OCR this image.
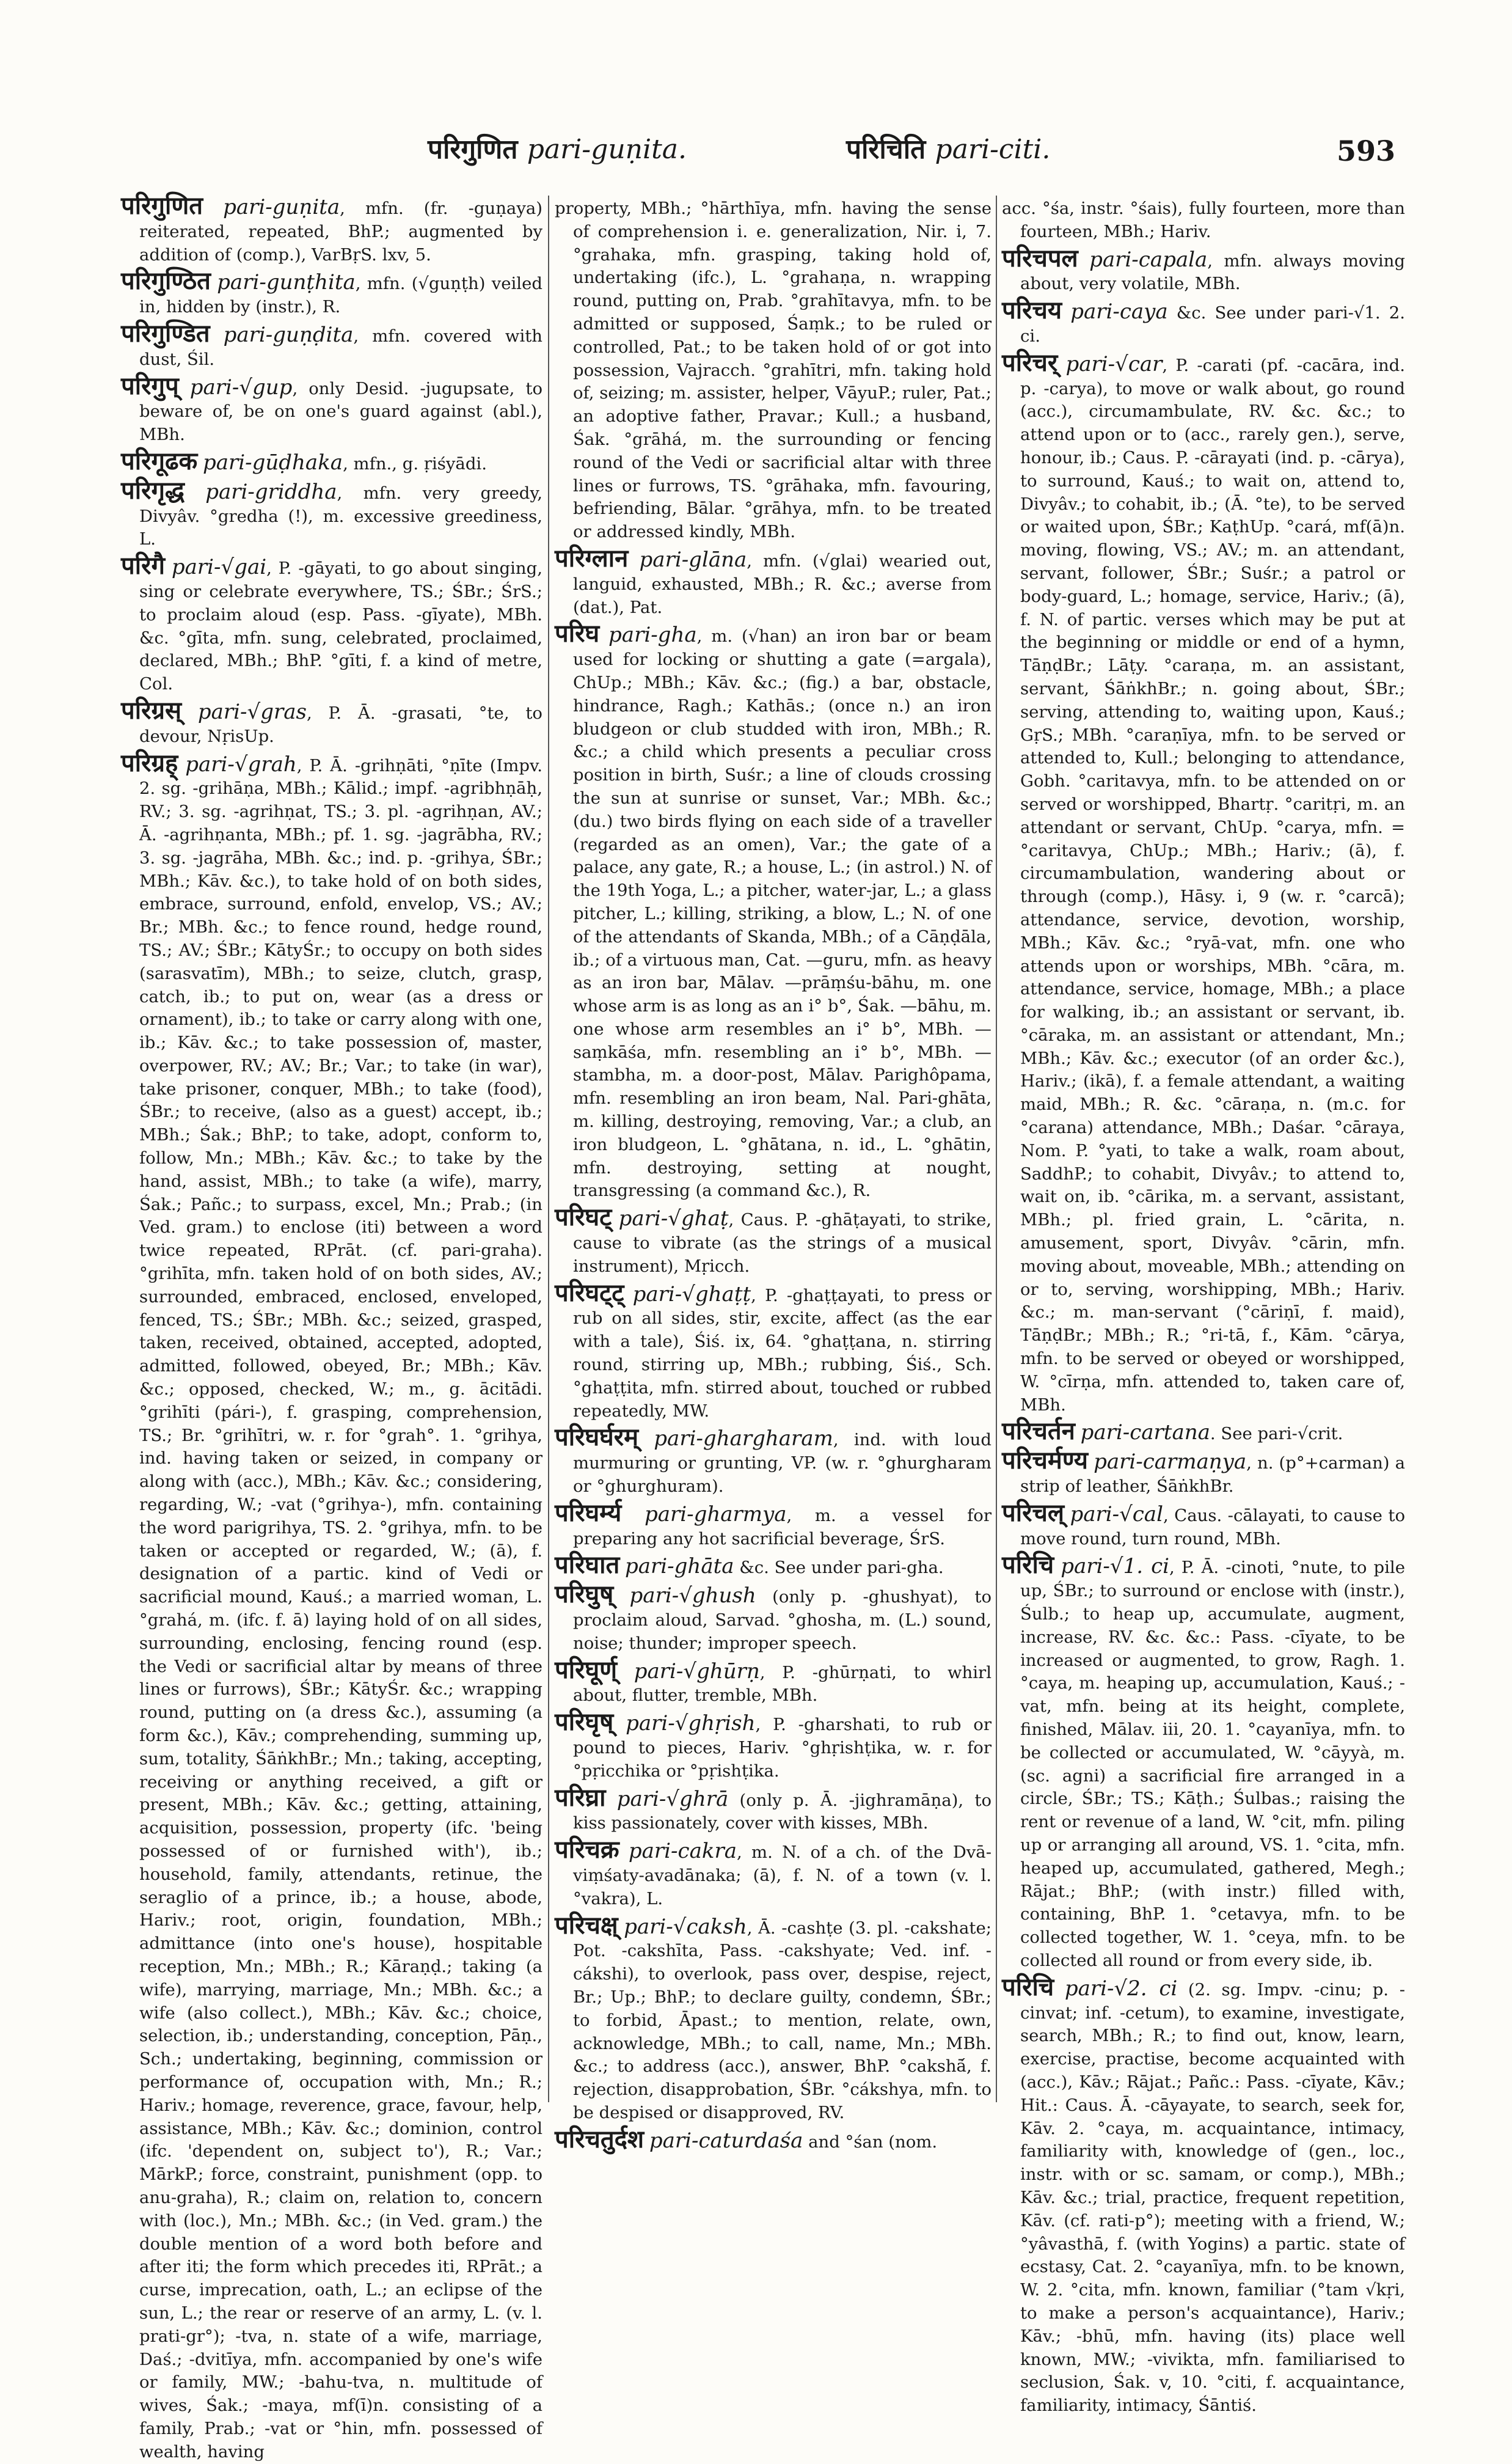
परिगुणित pari-guṇita.	परिचिति pari-citi.	593

परिगुणित pari-guṇita, mfn. (fr. -guṇaya) reiterated, repeated, BhP.; augmented by addition of (comp.), VarBṛS. lxv, 5.

परिगुण्ठित pari-gunṭhita, mfn. (√guṇṭh) veiled in, hidden by (instr.), R.

परिगुण्डित pari-guṇḍita, mfn. covered with dust, Śil.

परिगुप् pari-√gup, only Desid. -jugupsate, to beware of, be on one's guard against (abl.), MBh.

परिगूढक pari-gūḍhaka, mfn., g. ṛiśyādi.

परिगृद्ध pari-griddha, mfn. very greedy, Divyâv. °gredha (!), m. excessive greediness, L.

परिगै pari-√gai, P. -gāyati, to go about singing, sing or celebrate everywhere, TS.; ŚBr.; ŚrS.; to proclaim aloud (esp. Pass. -gīyate), MBh. &c. °gīta, mfn. sung, celebrated, proclaimed, declared, MBh.; BhP. °gīti, f. a kind of metre, Col.

परिग्रस् pari-√gras, P. Ā. -grasati, °te, to devour, NṛisUp.

परिग्रह् pari-√grah, P. Ā. -grihṇāti, °ṇīte (Impv. 2. sg. -grihāṇa, MBh.; Kālid.; impf. -agribhṇāḥ, RV.; 3. sg. -agrihṇat, TS.; 3. pl. -agrihṇan, AV.; Ā. -agrihṇanta, MBh.; pf. 1. sg. -jagrābha, RV.; 3. sg. -jagrāha, MBh. &c.; ind. p. -grihya, ŚBr.; MBh.; Kāv. &c.), to take hold of on both sides, embrace, surround, enfold, envelop, VS.; AV.; Br.; MBh. &c.; to fence round, hedge round, TS.; AV.; ŚBr.; KātyŚr.; to occupy on both sides (sarasvatīm), MBh.; to seize, clutch, grasp, catch, ib.; to put on, wear (as a dress or ornament), ib.; to take or carry along with one, ib.; Kāv. &c.; to take possession of, master, overpower, RV.; AV.; Br.; Var.; to take (in war), take prisoner, conquer, MBh.; to take (food), ŚBr.; to receive, (also as a guest) accept, ib.; MBh.; Śak.; BhP.; to take, adopt, conform to, follow, Mn.; MBh.; Kāv. &c.; to take by the hand, assist, MBh.; to take (a wife), marry, Śak.; Pañc.; to surpass, excel, Mn.; Prab.; (in Ved. gram.) to enclose (iti) between a word twice repeated, RPrāt. (cf. pari-graha). °grihīta, mfn. taken hold of on both sides, AV.; surrounded, embraced, enclosed, enveloped, fenced, TS.; ŚBr.; MBh. &c.; seized, grasped, taken, received, obtained, accepted, adopted, admitted, followed, obeyed, Br.; MBh.; Kāv. &c.; opposed, checked, W.; m., g. ācitādi. °grihīti (pári-), f. grasping, comprehension, TS.; Br. °grihītri, w. r. for °grah°. 1. °grihya, ind. having taken or seized, in company or along with (acc.), MBh.; Kāv. &c.; considering, regarding, W.; -vat (°grihya-), mfn. containing the word parigrihya, TS. 2. °grihya, mfn. to be taken or accepted or regarded, W.; (ā), f. designation of a partic. kind of Vedi or sacrificial mound, Kauś.; a married woman, L. °grahá, m. (ifc. f. ā) laying hold of on all sides, surrounding, enclosing, fencing round (esp. the Vedi or sacrificial altar by means of three lines or furrows), ŚBr.; KātyŚr. &c.; wrapping round, putting on (a dress &c.), assuming (a form &c.), Kāv.; comprehending, summing up, sum, totality, ŚāṅkhBr.; Mn.; taking, accepting, receiving or anything received, a gift or present, MBh.; Kāv. &c.; getting, attaining, acquisition, possession, property (ifc. 'being possessed of or furnished with'), ib.; household, family, attendants, retinue, the seraglio of a prince, ib.; a house, abode, Hariv.; root, origin, foundation, MBh.; admittance (into one's house), hospitable reception, Mn.; MBh.; R.; Kāraṇḍ.; taking (a wife), marrying, marriage, Mn.; MBh. &c.; a wife (also collect.), MBh.; Kāv. &c.; choice, selection, ib.; understanding, conception, Pāṇ., Sch.; undertaking, beginning, commission or performance of, occupation with, Mn.; R.; Hariv.; homage, reverence, grace, favour, help, assistance, MBh.; Kāv. &c.; dominion, control (ifc. 'dependent on, subject to'), R.; Var.; MārkP.; force, constraint, punishment (opp. to anu-graha), R.; claim on, relation to, concern with (loc.), Mn.; MBh. &c.; (in Ved. gram.) the double mention of a word both before and after iti; the form which precedes iti, RPrāt.; a curse, imprecation, oath, L.; an eclipse of the sun, L.; the rear or reserve of an army, L. (v. l. prati-gr°); -tva, n. state of a wife, marriage, Daś.; -dvitīya, mfn. accompanied by one's wife or family, MW.; -bahu-tva, n. multitude of wives, Śak.; -maya, mf(ī)n. consisting of a family, Prab.; -vat or °hin, mfn. possessed of wealth, having

property, MBh.; °hārthīya, mfn. having the sense of comprehension i. e. generalization, Nir. i, 7. °grahaka, mfn. grasping, taking hold of, undertaking (ifc.), L. °grahaṇa, n. wrapping round, putting on, Prab. °grahītavya, mfn. to be admitted or supposed, Śaṃk.; to be ruled or controlled, Pat.; to be taken hold of or got into possession, Vajracch. °grahītri, mfn. taking hold of, seizing; m. assister, helper, VāyuP.; ruler, Pat.; an adoptive father, Pravar.; Kull.; a husband, Śak. °grāhá, m. the surrounding or fencing round of the Vedi or sacrificial altar with three lines or furrows, TS. °grāhaka, mfn. favouring, befriending, Bālar. °grāhya, mfn. to be treated or addressed kindly, MBh.

परिग्लान pari-glāna, mfn. (√glai) wearied out, languid, exhausted, MBh.; R. &c.; averse from (dat.), Pat.

परिघ pari-gha, m. (√han) an iron bar or beam used for locking or shutting a gate (=argala), ChUp.; MBh.; Kāv. &c.; (fig.) a bar, obstacle, hindrance, Ragh.; Kathās.; (once n.) an iron bludgeon or club studded with iron, MBh.; R. &c.; a child which presents a peculiar cross position in birth, Suśr.; a line of clouds crossing the sun at sunrise or sunset, Var.; MBh. &c.; (du.) two birds flying on each side of a traveller (regarded as an omen), Var.; the gate of a palace, any gate, R.; a house, L.; (in astrol.) N. of the 19th Yoga, L.; a pitcher, water-jar, L.; a glass pitcher, L.; killing, striking, a blow, L.; N. of one of the attendants of Skanda, MBh.; of a Cāṇḍāla, ib.; of a virtuous man, Cat. —guru, mfn. as heavy as an iron bar, Mālav. —prāṃśu-bāhu, m. one whose arm is as long as an i° b°, Śak. —bāhu, m. one whose arm resembles an i° b°, MBh. —saṃkāśa, mfn. resembling an i° b°, MBh. —stambha, m. a door-post, Mālav. Parighôpama, mfn. resembling an iron beam, Nal. Pari-ghāta, m. killing, destroying, removing, Var.; a club, an iron bludgeon, L. °ghātana, n. id., L. °ghātin, mfn. destroying, setting at nought, transgressing (a command &c.), R.

परिघट् pari-√ghaṭ, Caus. P. -ghāṭayati, to strike, cause to vibrate (as the strings of a musical instrument), Mṛicch.

परिघट्ट् pari-√ghaṭṭ, P. -ghaṭṭayati, to press or rub on all sides, stir, excite, affect (as the ear with a tale), Śiś. ix, 64. °ghaṭṭana, n. stirring round, stirring up, MBh.; rubbing, Śiś., Sch. °ghaṭṭita, mfn. stirred about, touched or rubbed repeatedly, MW.

परिघर्घरम् pari-ghargharam, ind. with loud murmuring or grunting, VP. (w. r. °ghurgharam or °ghurghuram).

परिघर्म्य pari-gharmya, m. a vessel for preparing any hot sacrificial beverage, ŚrS.

परिघात pari-ghāta &c. See under pari-gha.

परिघुष् pari-√ghush (only p. -ghushyat), to proclaim aloud, Sarvad. °ghosha, m. (L.) sound, noise; thunder; improper speech.

परिघूर्ण् pari-√ghūrṇ, P. -ghūrṇati, to whirl about, flutter, tremble, MBh.

परिघृष् pari-√ghṛish, P. -gharshati, to rub or pound to pieces, Hariv. °ghṛishṭika, w. r. for °pṛicchika or °pṛishṭika.

परिघ्रा pari-√ghrā (only p. Ā. -jighramāṇa), to kiss passionately, cover with kisses, MBh.

परिचक्र pari-cakra, m. N. of a ch. of the Dvā-viṃśaty-avadānaka; (ā), f. N. of a town (v. l. °vakra), L.

परिचक्ष् pari-√caksh, Ā. -cashṭe (3. pl. -cakshate; Pot. -cakshīta, Pass. -cakshyate; Ved. inf. -cákshi), to overlook, pass over, despise, reject, Br.; Up.; BhP.; to declare guilty, condemn, ŚBr.; to forbid, Āpast.; to mention, relate, own, acknowledge, MBh.; to call, name, Mn.; MBh. &c.; to address (acc.), answer, BhP. °cakshā́, f. rejection, disapprobation, ŚBr. °cákshya, mfn. to be despised or disapproved, RV.

परिचतुर्दश pari-caturdaśa and °śan (nom.

acc. °śa, instr. °śais), fully fourteen, more than fourteen, MBh.; Hariv.

परिचपल pari-capala, mfn. always moving about, very volatile, MBh.

परिचय pari-caya &c. See under pari-√1. 2. ci.

परिचर् pari-√car, P. -carati (pf. -cacāra, ind. p. -carya), to move or walk about, go round (acc.), circumambulate, RV. &c. &c.; to attend upon or to (acc., rarely gen.), serve, honour, ib.; Caus. P. -cārayati (ind. p. -cārya), to surround, Kauś.; to wait on, attend to, Divyâv.; to cohabit, ib.; (Ā. °te), to be served or waited upon, ŚBr.; KaṭhUp. °cará, mf(ā)n. moving, flowing, VS.; AV.; m. an attendant, servant, follower, ŚBr.; Suśr.; a patrol or body-guard, L.; homage, service, Hariv.; (ā), f. N. of partic. verses which may be put at the beginning or middle or end of a hymn, TāṇḍBr.; Lāṭy. °caraṇa, m. an assistant, servant, ŚāṅkhBr.; n. going about, ŚBr.; serving, attending to, waiting upon, Kauś.; GṛS.; MBh. °caraṇīya, mfn. to be served or attended to, Kull.; belonging to attendance, Gobh. °caritavya, mfn. to be attended on or served or worshipped, Bhartṛ. °caritṛi, m. an attendant or servant, ChUp. °carya, mfn. = °caritavya, ChUp.; MBh.; Hariv.; (ā), f. circumambulation, wandering about or through (comp.), Hāsy. i, 9 (w. r. °carcā); attendance, service, devotion, worship, MBh.; Kāv. &c.; °ryā-vat, mfn. one who attends upon or worships, MBh. °cāra, m. attendance, service, homage, MBh.; a place for walking, ib.; an assistant or servant, ib. °cāraka, m. an assistant or attendant, Mn.; MBh.; Kāv. &c.; executor (of an order &c.), Hariv.; (ikā), f. a female attendant, a waiting maid, MBh.; R. &c. °cāraṇa, n. (m.c. for °carana) attendance, MBh.; Daśar. °cāraya, Nom. P. °yati, to take a walk, roam about, SaddhP.; to cohabit, Divyâv.; to attend to, wait on, ib. °cārika, m. a servant, assistant, MBh.; pl. fried grain, L. °cārita, n. amusement, sport, Divyâv. °cārin, mfn. moving about, moveable, MBh.; attending on or to, serving, worshipping, MBh.; Hariv. &c.; m. man-servant (°cāriṇī, f. maid), TāṇḍBr.; MBh.; R.; °ri-tā, f., Kām. °cārya, mfn. to be served or obeyed or worshipped, W. °cīrṇa, mfn. attended to, taken care of, MBh.

परिचर्तन pari-cartana. See pari-√crit.

परिचर्मण्य pari-carmaṇya, n. (p°+carman) a strip of leather, ŚāṅkhBr.

परिचल् pari-√cal, Caus. -cālayati, to cause to move round, turn round, MBh.

परिचि pari-√1. ci, P. Ā. -cinoti, °nute, to pile up, ŚBr.; to surround or enclose with (instr.), Śulb.; to heap up, accumulate, augment, increase, RV. &c. &c.: Pass. -cīyate, to be increased or augmented, to grow, Ragh. 1. °caya, m. heaping up, accumulation, Kauś.; -vat, mfn. being at its height, complete, finished, Mālav. iii, 20. 1. °cayanīya, mfn. to be collected or accumulated, W. °cāyyà, m. (sc. agni) a sacrificial fire arranged in a circle, ŚBr.; TS.; Kāṭh.; Śulbas.; raising the rent or revenue of a land, W. °cit, mfn. piling up or arranging all around, VS. 1. °cita, mfn. heaped up, accumulated, gathered, Megh.; Rājat.; BhP.; (with instr.) filled with, containing, BhP. 1. °cetavya, mfn. to be collected together, W. 1. °ceya, mfn. to be collected all round or from every side, ib.

परिचि pari-√2. ci (2. sg. Impv. -cinu; p. -cinvat; inf. -cetum), to examine, investigate, search, MBh.; R.; to find out, know, learn, exercise, practise, become acquainted with (acc.), Kāv.; Rājat.; Pañc.: Pass. -cīyate, Kāv.; Hit.: Caus. Ā. -cāyayate, to search, seek for, Kāv. 2. °caya, m. acquaintance, intimacy, familiarity with, knowledge of (gen., loc., instr. with or sc. samam, or comp.), MBh.; Kāv. &c.; trial, practice, frequent repetition, Kāv. (cf. rati-p°); meeting with a friend, W.; °yâvasthā, f. (with Yogins) a partic. state of ecstasy, Cat. 2. °cayanīya, mfn. to be known, W. 2. °cita, mfn. known, familiar (°tam √kṛi, to make a person's acquaintance), Hariv.; Kāv.; -bhū, mfn. having (its) place well known, MW.; -vivikta, mfn. familiarised to seclusion, Śak. v, 10. °citi, f. acquaintance, familiarity, intimacy, Śāntiś.
